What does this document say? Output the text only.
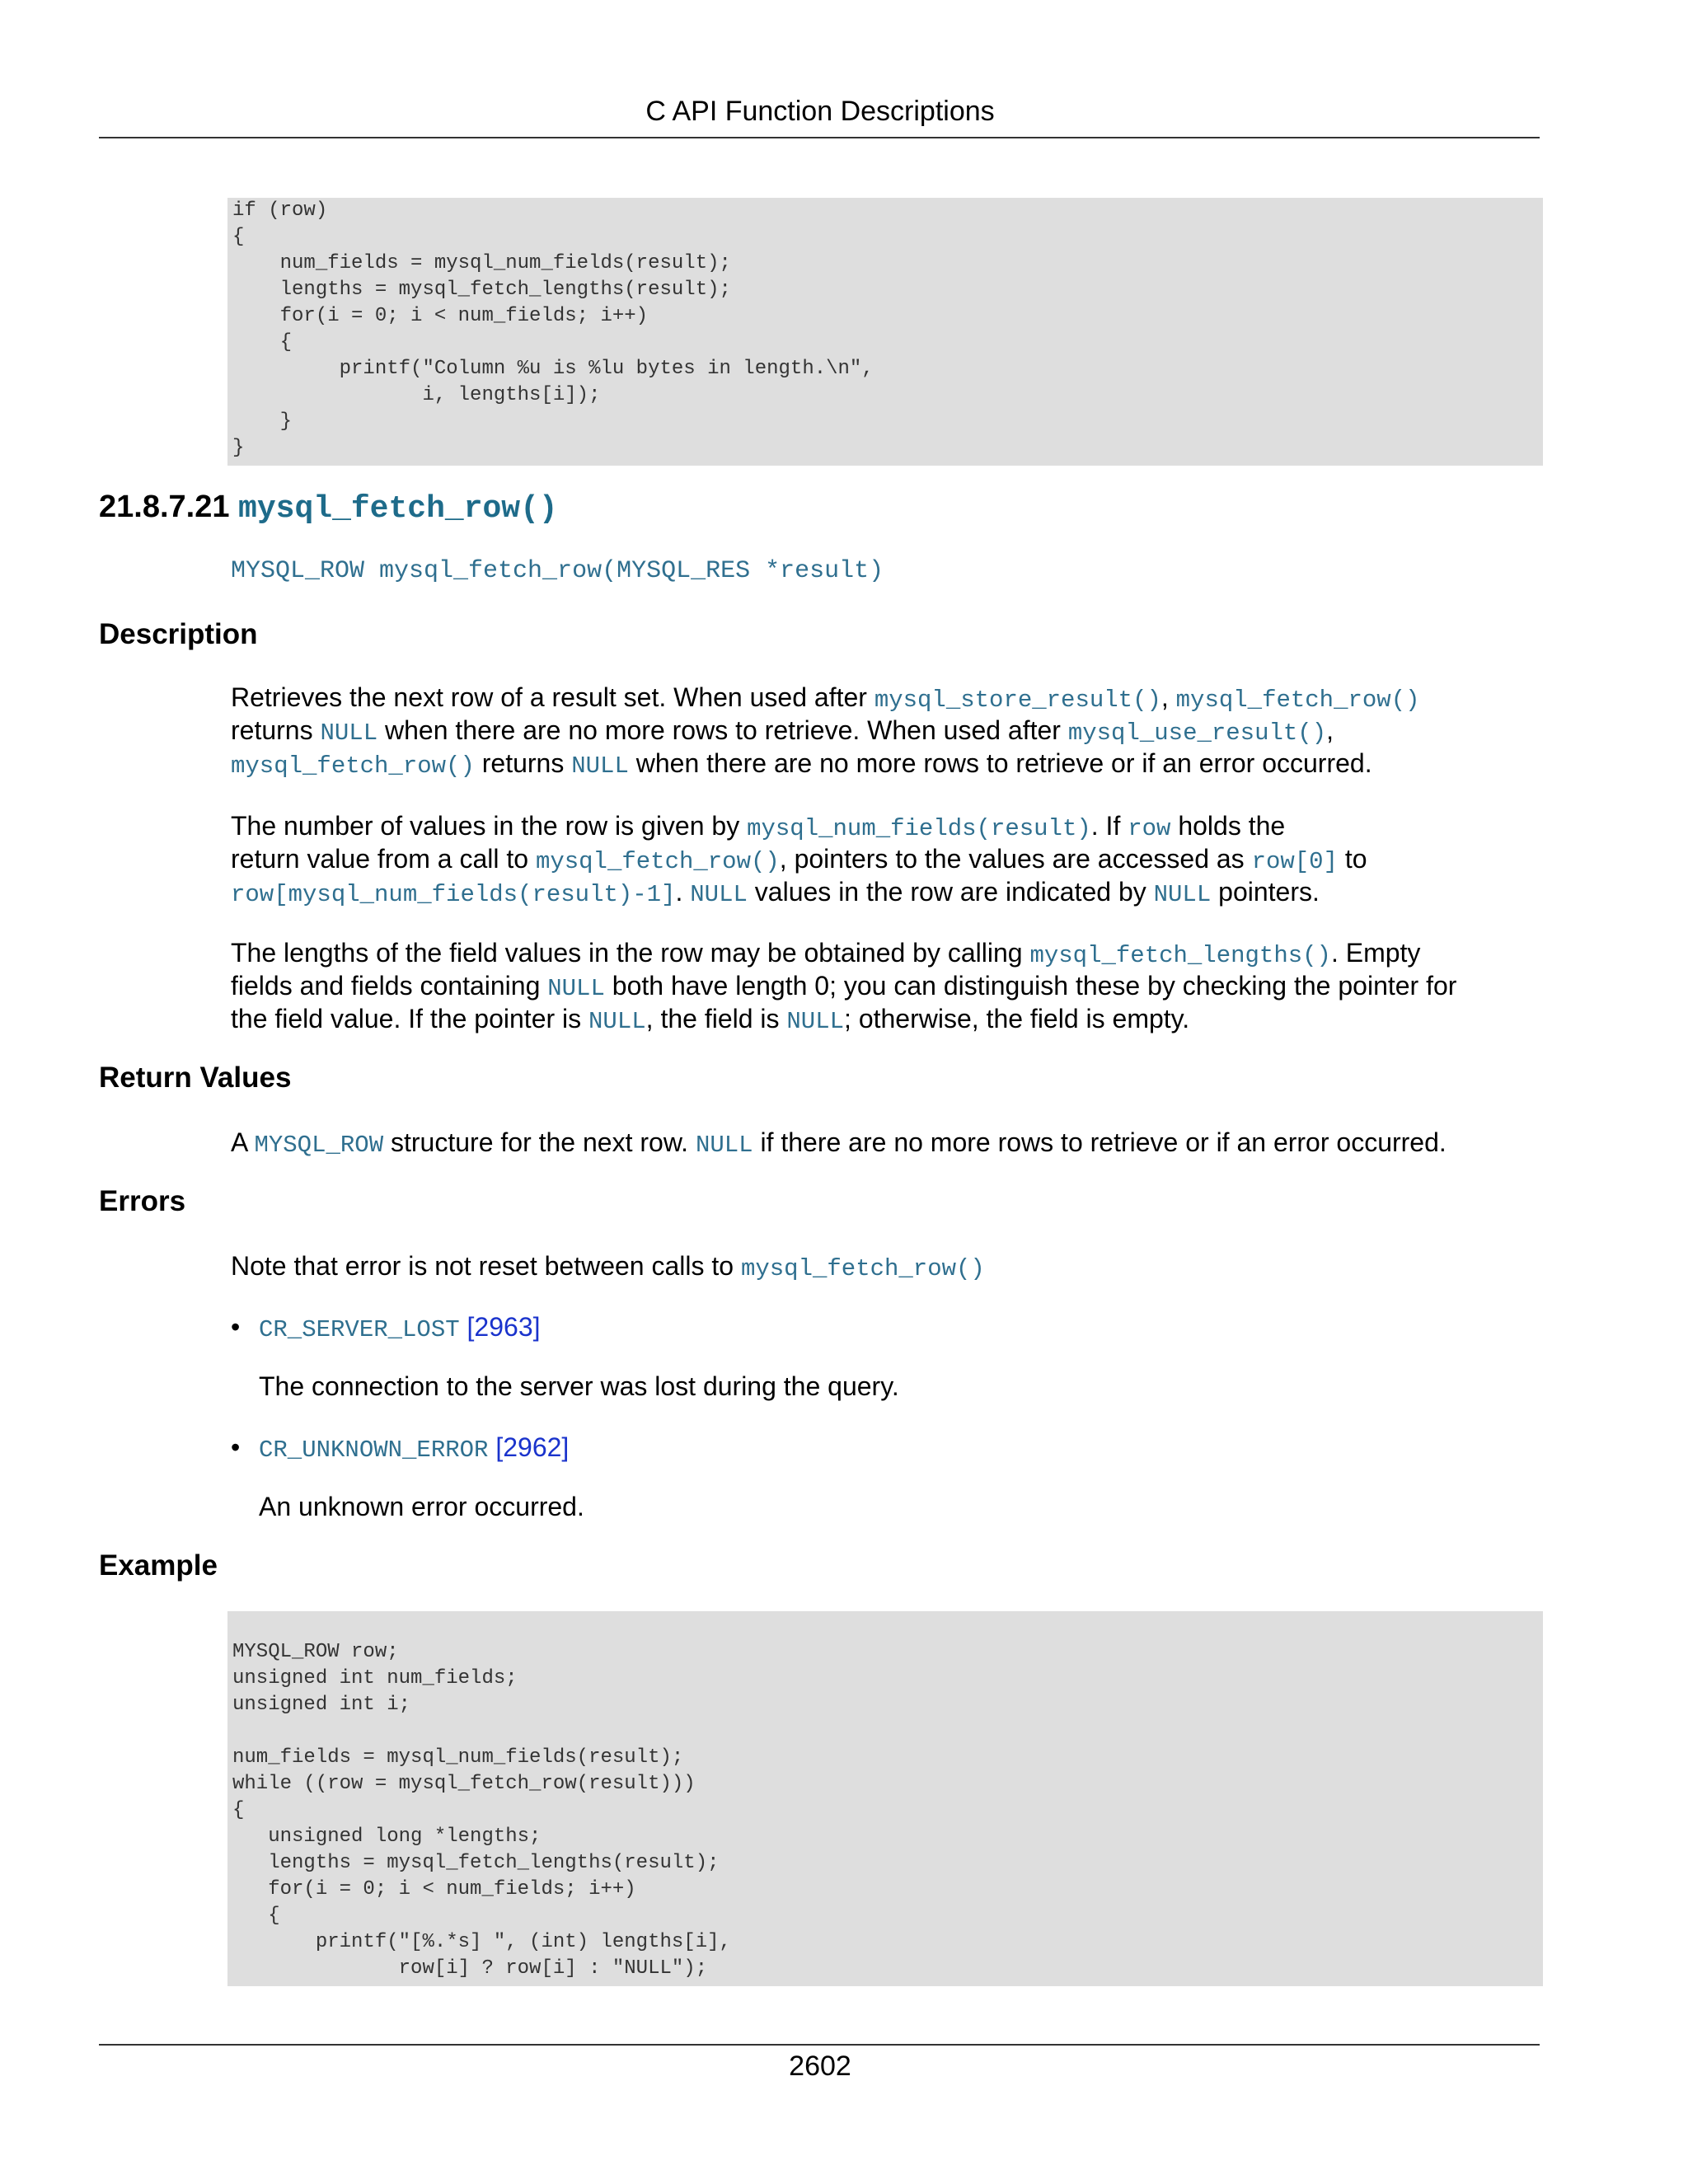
C API Function Descriptions
if (row)
{
num_fields = mysql_num_fields(result);
lengths = mysql_fetch_lengths(result);
for(i = 0; i < num_fields; i++)
{
printf("Column %u is %lu bytes in length.\n",
i, lengths[i]);
}
}
21.8.7.21 mysql_fetch_row()
MYSQL_ROW mysql_fetch_row(MYSQL_RES *result)
Description
Retrieves the next row of a result set. When used after mysql_store_result(), mysql_fetch_row()
returns NULL when there are no more rows to retrieve. When used after mysql_use_result(),
mysql_fetch_row() returns NULL when there are no more rows to retrieve or if an error occurred.
The number of values in the row is given by mysql_num_fields(result). If row holds the
return value from a call to mysql_fetch_row(), pointers to the values are accessed as row[0] to
row[mysql_num_fields(result)-1]. NULL values in the row are indicated by NULL pointers.
The lengths of the field values in the row may be obtained by calling mysql_fetch_lengths(). Empty
fields and fields containing NULL both have length 0; you can distinguish these by checking the pointer for
the field value. If the pointer is NULL, the field is NULL; otherwise, the field is empty.
Return Values
A MYSQL_ROW structure for the next row. NULL if there are no more rows to retrieve or if an error occurred.
Errors
Note that error is not reset between calls to mysql_fetch_row()
• CR_SERVER_LOST [2963]
The connection to the server was lost during the query.
• CR_UNKNOWN_ERROR [2962]
An unknown error occurred.
Example
MYSQL_ROW row;
unsigned int num_fields;
unsigned int i;

num_fields = mysql_num_fields(result);
while ((row = mysql_fetch_row(result)))
{
unsigned long *lengths;
lengths = mysql_fetch_lengths(result);
for(i = 0; i < num_fields; i++)
{
printf("[%.*s] ", (int) lengths[i],
row[i] ? row[i] : "NULL");
2602
